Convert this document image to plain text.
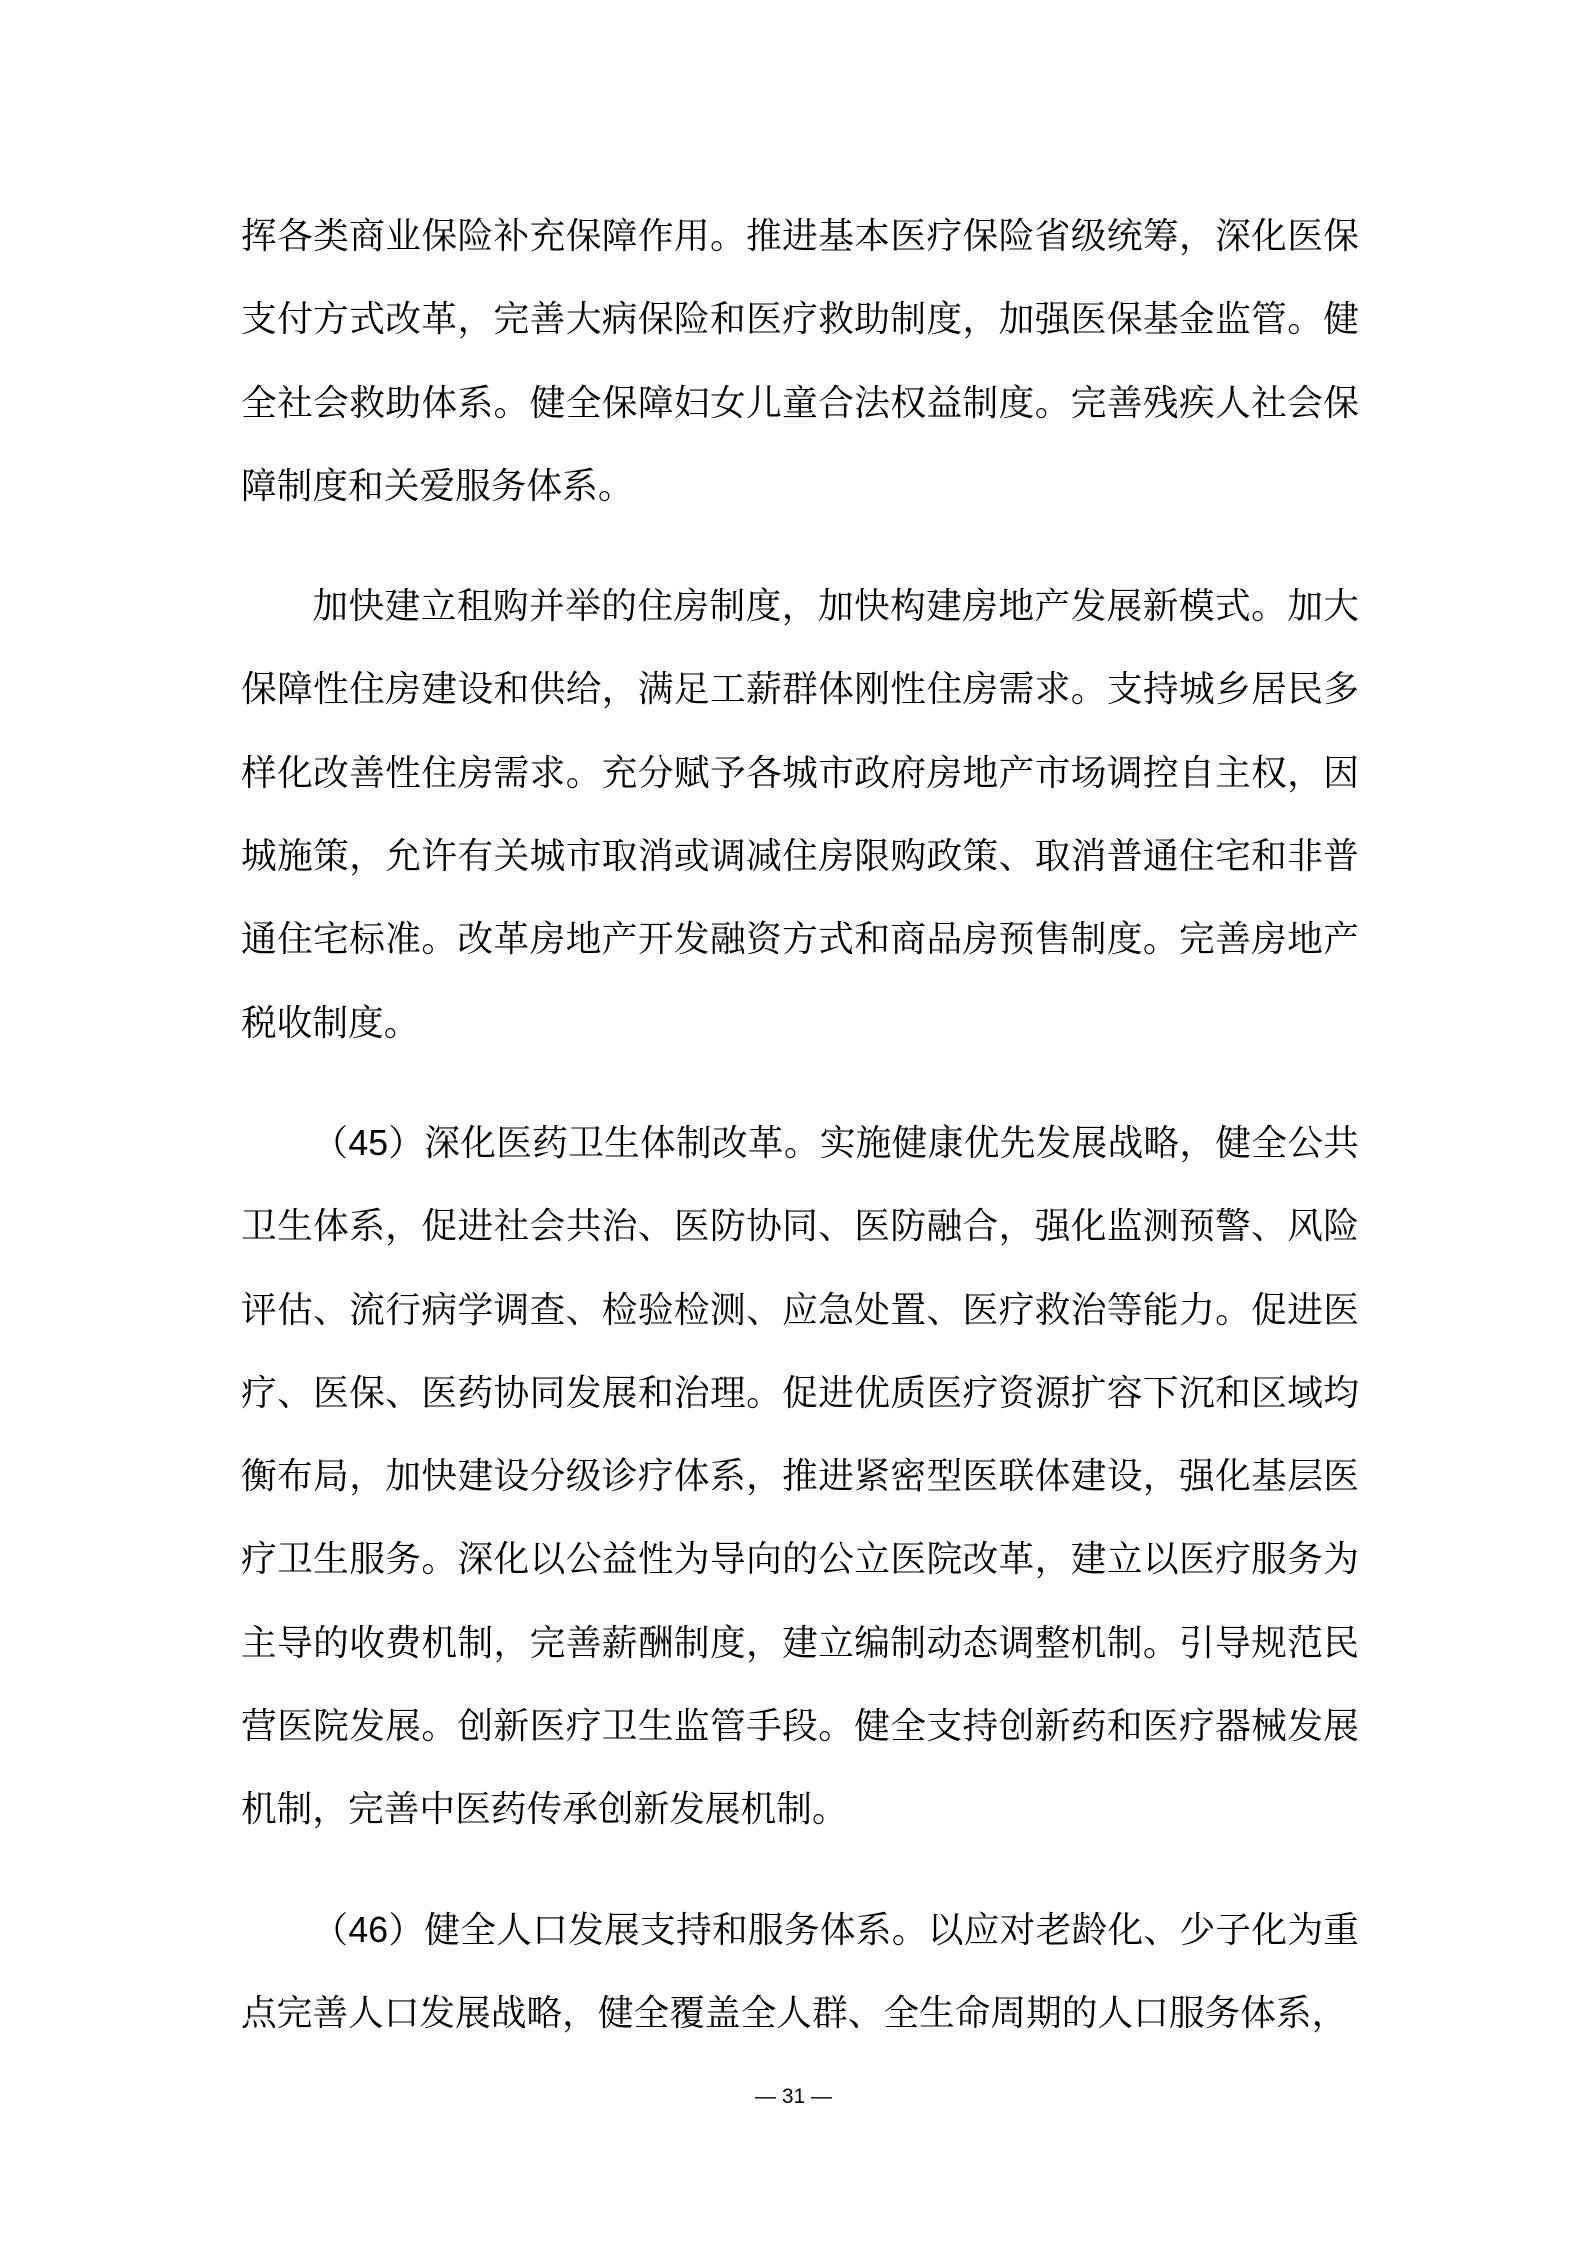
挥各类商业保险补充保障作用。推进基本医疗保险省级统筹，深化医保支付方式改革，完善大病保险和医疗救助制度，加强医保基金监管。健全社会救助体系。健全保障妇女儿童合法权益制度。完善残疾人社会保障制度和关爱服务体系。

加快建立租购并举的住房制度，加快构建房地产发展新模式。加大保障性住房建设和供给，满足工薪群体刚性住房需求。支持城乡居民多样化改善性住房需求。充分赋予各城市政府房地产市场调控自主权，因城施策，允许有关城市取消或调减住房限购政策、取消普通住宅和非普通住宅标准。改革房地产开发融资方式和商品房预售制度。完善房地产税收制度。

（45）深化医药卫生体制改革。实施健康优先发展战略，健全公共卫生体系，促进社会共治、医防协同、医防融合，强化监测预警、风险评估、流行病学调查、检验检测、应急处置、医疗救治等能力。促进医疗、医保、医药协同发展和治理。促进优质医疗资源扩容下沉和区域均衡布局，加快建设分级诊疗体系，推进紧密型医联体建设，强化基层医疗卫生服务。深化以公益性为导向的公立医院改革，建立以医疗服务为主导的收费机制，完善薪酬制度，建立编制动态调整机制。引导规范民营医院发展。创新医疗卫生监管手段。健全支持创新药和医疗器械发展机制，完善中医药传承创新发展机制。

（46）健全人口发展支持和服务体系。以应对老龄化、少子化为重点完善人口发展战略，健全覆盖全人群、全生命周期的人口服务体系，

— 31 —
